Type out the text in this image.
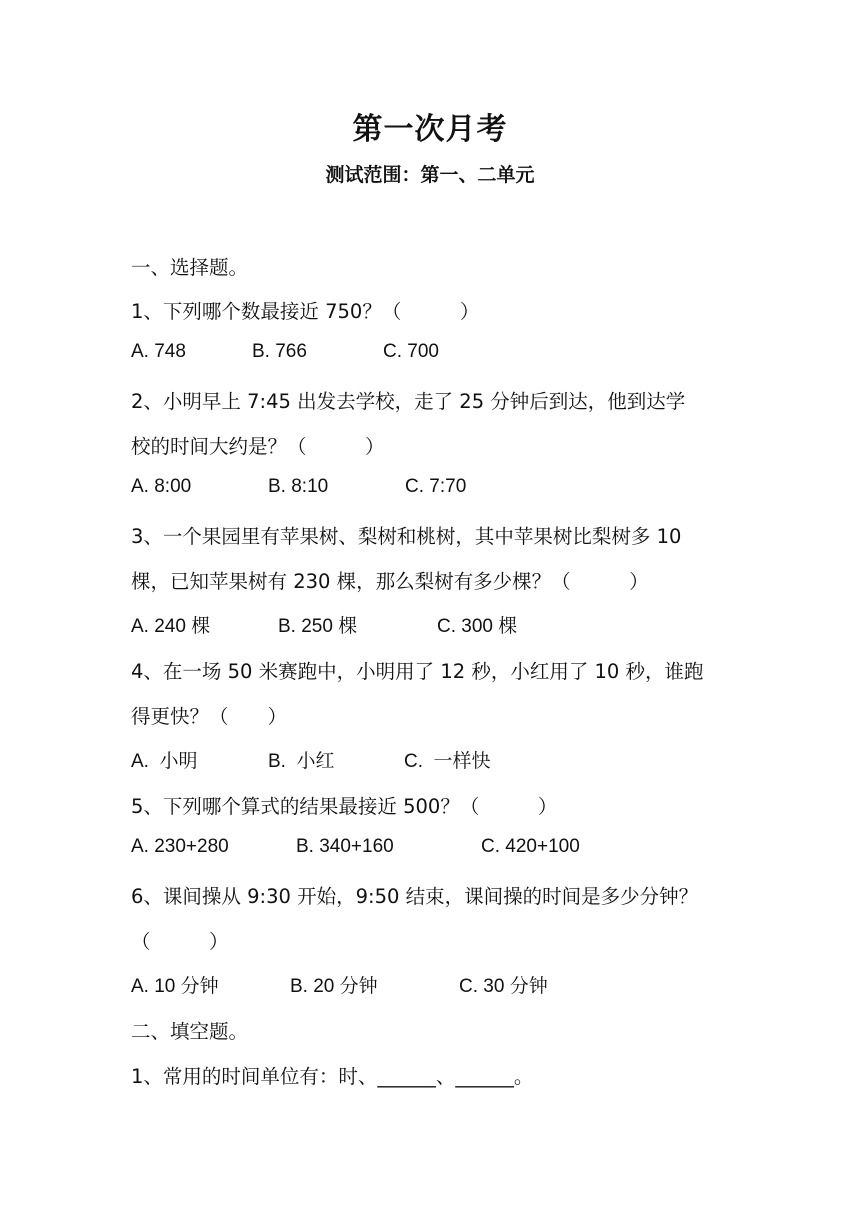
第一次月考
测试范围：第一、二单元
一、选择题。
1、下列哪个数最接近 750？（　　　）
A. 748	B. 766	C. 700
2、小明早上 7:45 出发去学校，走了 25 分钟后到达，他到达学
校的时间大约是？（　　　）
A. 8:00	B. 8:10	C. 7:70
3、一个果园里有苹果树、梨树和桃树，其中苹果树比梨树多 10
棵，已知苹果树有 230 棵，那么梨树有多少棵？（　　　）
A. 240 棵	B. 250 棵	C. 300 棵
4、在一场 50 米赛跑中，小明用了 12 秒，小红用了 10 秒，谁跑
得更快？（　　）
A.  小明	B.  小红	C.  一样快
5、下列哪个算式的结果最接近 500？（　　　）
A. 230+280	B. 340+160	C. 420+100
6、课间操从 9:30 开始，9:50 结束，课间操的时间是多少分钟？
（　　　）
A. 10 分钟	B. 20 分钟	C. 30 分钟
二、填空题。
1、常用的时间单位有：时、______、______。
